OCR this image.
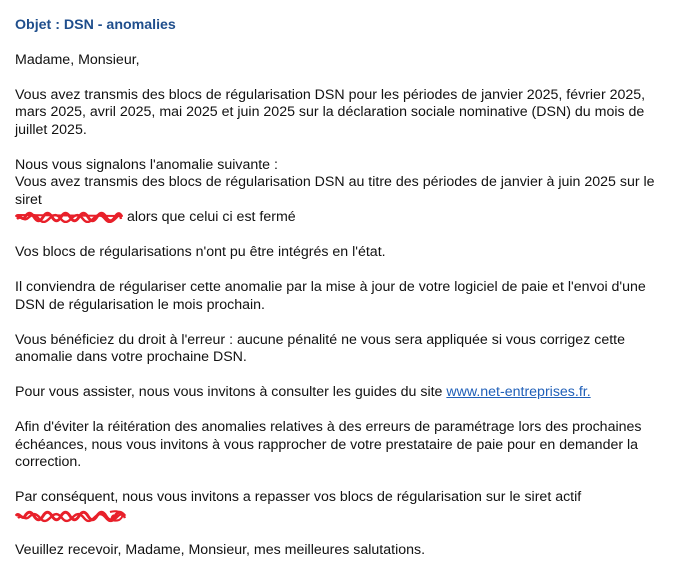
Objet : DSN - anomalies

Madame, Monsieur,

Vous avez transmis des blocs de régularisation DSN pour les périodes de janvier 2025, février 2025, mars 2025, avril 2025, mai 2025 et juin 2025 sur la déclaration sociale nominative (DSN) du mois de juillet 2025.

Nous vous signalons l'anomalie suivante :
Vous avez transmis des blocs de régularisation DSN au titre des périodes de janvier à juin 2025 sur le siret

alors que celui ci est fermé

Vos blocs de régularisations n'ont pu être intégrés en l'état.

Il conviendra de régulariser cette anomalie par la mise à jour de votre logiciel de paie et l'envoi d'une DSN de régularisation le mois prochain.

Vous bénéficiez du droit à l'erreur : aucune pénalité ne vous sera appliquée si vous corrigez cette anomalie dans votre prochaine DSN.

Pour vous assister, nous vous invitons à consulter les guides du site www.net-entreprises.fr.

Afin d'éviter la réitération des anomalies relatives à des erreurs de paramétrage lors des prochaines échéances, nous vous invitons à vous rapprocher de votre prestataire de paie pour en demander la correction.

Par conséquent, nous vous invitons a repasser vos blocs de régularisation sur le siret actif

Veuillez recevoir, Madame, Monsieur, mes meilleures salutations.
